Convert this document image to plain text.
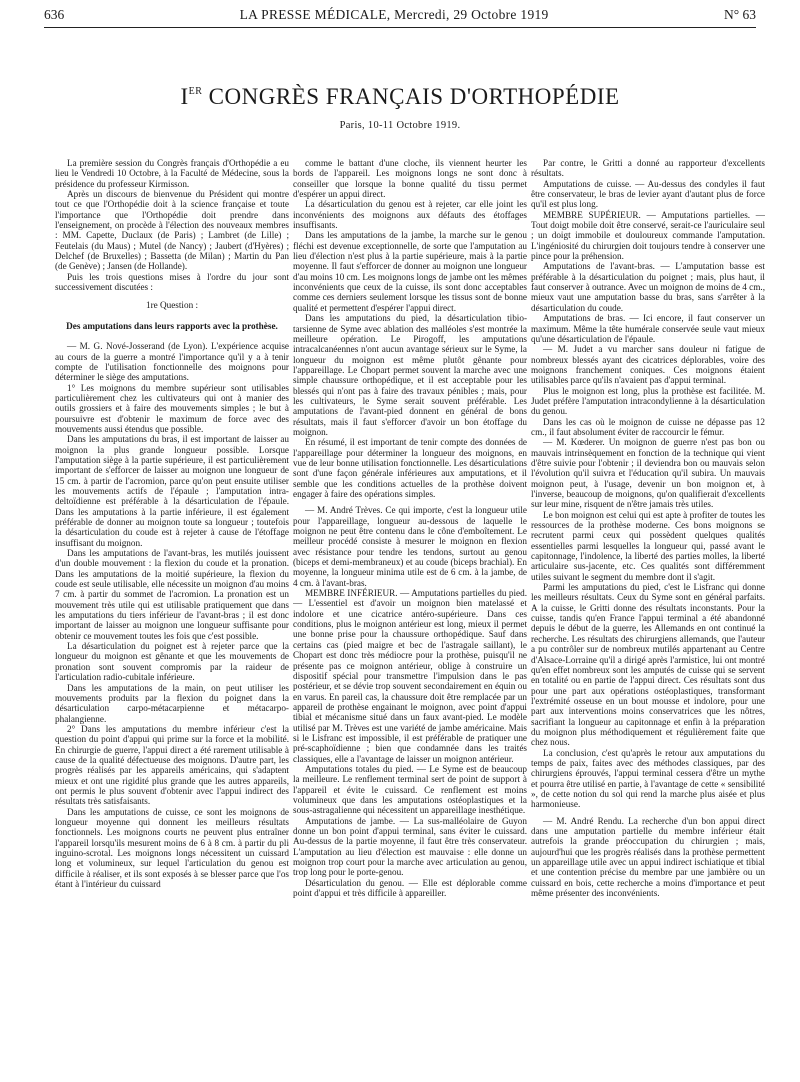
636	LA PRESSE MÉDICALE, Mercredi, 29 Octobre 1919	N° 63
IER CONGRÈS FRANÇAIS D'ORTHOPÉDIE
Paris, 10-11 Octobre 1919.

La première session du Congrès français d'Orthopédie a eu lieu le Vendredi 10 Octobre, à la Faculté de Médecine, sous la présidence du professeur Kirmisson.

Après un discours de bienvenue du Président qui montre tout ce que l'Orthopédie doit à la science française et toute l'importance que l'Orthopédie doit prendre dans l'enseignement, on procède à l'élection des nouveaux membres : MM. Capette, Duclaux (de Paris) ; Lambret (de Lille) ; Feutelais (du Maus) ; Mutel (de Nancy) ; Jaubert (d'Hyères) ; Delchef (de Bruxelles) ; Bassetta (de Milan) ; Martin du Pan (de Genève) ; Jansen (de Hollande).

Puis les trois questions mises à l'ordre du jour sont successivement discutées :

1re Question :

Des amputations dans leurs rapports avec la prothèse.

— M. G. Nové-Josserand (de Lyon). L'expérience acquise au cours de la guerre a montré l'importance qu'il y a à tenir compte de l'utilisation fonctionnelle des moignons pour déterminer le siège des amputations.

1° Les moignons du membre supérieur sont utilisables particulièrement chez les cultivateurs qui ont à manier des outils grossiers et à faire des mouvements simples ; le but à poursuivre est d'obtenir le maximum de force avec des mouvements aussi étendus que possible.

Dans les amputations du bras, il est important de laisser au moignon la plus grande longueur possible. Lorsque l'amputation siège à la partie supérieure, il est particulièrement important de s'efforcer de laisser au moignon une longueur de 15 cm. à partir de l'acromion, parce qu'on peut ensuite utiliser les mouvements actifs de l'épaule ; l'amputation intra-deltoïdienne est préférable à la désarticulation de l'épaule. Dans les amputations à la partie inférieure, il est également préférable de donner au moignon toute sa longueur ; toutefois la désarticulation du coude est à rejeter à cause de l'étoffage insuffisant du moignon.

Dans les amputations de l'avant-bras, les mutilés jouissent d'un double mouvement : la flexion du coude et la pronation. Dans les amputations de la moitié supérieure, la flexion du coude est seule utilisable, elle nécessite un moignon d'au moins 7 cm. à partir du sommet de l'acromion. La pronation est un mouvement très utile qui est utilisable pratiquement que dans les amputations du tiers inférieur de l'avant-bras ; il est donc important de laisser au moignon une longueur suffisante pour obtenir ce mouvement toutes les fois que c'est possible.

La désarticulation du poignet est à rejeter parce que la longueur du moignon est gênante et que les mouvements de pronation sont souvent compromis par la raideur de l'articulation radio-cubitale inférieure.

Dans les amputations de la main, on peut utiliser les mouvements produits par la flexion du poignet dans la désarticulation carpo-métacarpienne et métacarpo-phalangienne.

2° Dans les amputations du membre inférieur c'est la question du point d'appui qui prime sur la force et la mobilité. En chirurgie de guerre, l'appui direct a été rarement utilisable à cause de la qualité défectueuse des moignons. D'autre part, les progrès réalisés par les appareils américains, qui s'adaptent mieux et ont une rigidité plus grande que les autres appareils, ont permis le plus souvent d'obtenir avec l'appui indirect des résultats très satisfaisants.

Dans les amputations de cuisse, ce sont les moignons de longueur moyenne qui donnent les meilleurs résultats fonctionnels. Les moignons courts ne peuvent plus entraîner l'appareil lorsqu'ils mesurent moins de 6 à 8 cm. à partir du pli inguino-scrotal. Les moignons longs nécessitent un cuissard long et volumineux, sur lequel l'articulation du genou est difficile à réaliser, et ils sont exposés à se blesser parce que l'os étant à l'intérieur du cuissard

comme le battant d'une cloche, ils viennent heurter les bords de l'appareil. Les moignons longs ne sont donc à conseiller que lorsque la bonne qualité du tissu permet d'espérer un appui direct.

La désarticulation du genou est à rejeter, car elle joint les inconvénients des moignons aux défauts des étoffages insuffisants.

Dans les amputations de la jambe, la marche sur le genou fléchi est devenue exceptionnelle, de sorte que l'amputation au lieu d'élection n'est plus à la partie supérieure, mais à la partie moyenne. Il faut s'efforcer de donner au moignon une longueur d'au moins 10 cm. Les moignons longs de jambe ont les mêmes inconvénients que ceux de la cuisse, ils sont donc acceptables comme ces derniers seulement lorsque les tissus sont de bonne qualité et permettent d'espérer l'appui direct.

Dans les amputations du pied, la désarticulation tibio-tarsienne de Syme avec ablation des malléoles s'est montrée la meilleure opération. Le Pirogoff, les amputations intracalcanéennes n'ont aucun avantage sérieux sur le Syme, la longueur du moignon est même plutôt gênante pour l'appareillage. Le Chopart permet souvent la marche avec une simple chaussure orthopédique, et il est acceptable pour les blessés qui n'ont pas à faire des travaux pénibles ; mais, pour les cultivateurs, le Syme serait souvent préférable. Les amputations de l'avant-pied donnent en général de bons résultats, mais il faut s'efforcer d'avoir un bon étoffage du moignon.

En résumé, il est important de tenir compte des données de l'appareillage pour déterminer la longueur des moignons, en vue de leur bonne utilisation fonctionnelle. Les désarticulations sont d'une façon générale inférieures aux amputations, et il semble que les conditions actuelles de la prothèse doivent engager à faire des opérations simples.

— M. André Trèves. Ce qui importe, c'est la longueur utile pour l'appareillage, longueur au-dessous de laquelle le moignon ne peut être contenu dans le cône d'emboîtement. Le meilleur procédé consiste à mesurer le moignon en flexion avec résistance pour tendre les tendons, surtout au genou (biceps et demi-membraneux) et au coude (biceps brachial). En moyenne, la longueur minima utile est de 6 cm. à la jambe, de 4 cm. à l'avant-bras.

MEMBRE INFÉRIEUR. — Amputations partielles du pied. — L'essentiel est d'avoir un moignon bien matelassé et indolore et une cicatrice antéro-supérieure. Dans ces conditions, plus le moignon antérieur est long, mieux il permet une bonne prise pour la chaussure orthopédique. Sauf dans certains cas (pied maigre et bec de l'astragale saillant), le Chopart est donc très médiocre pour la prothèse, puisqu'il ne présente pas ce moignon antérieur, oblige à construire un dispositif spécial pour transmettre l'impulsion dans le pas postérieur, et se dévie trop souvent secondairement en équin ou en varus. En pareil cas, la chaussure doit être remplacée par un appareil de prothèse engainant le moignon, avec point d'appui tibial et mécanisme situé dans un faux avant-pied. Le modèle utilisé par M. Trèves est une variété de jambe américaine. Mais si le Lisfranc est impossible, il est préférable de pratiquer une pré-scaphoïdienne ; bien que condamnée dans les traités classiques, elle a l'avantage de laisser un moignon antérieur.

Amputations totales du pied. — Le Syme est de beaucoup la meilleure. Le renflement terminal sert de point de support à l'appareil et évite le cuissard. Ce renflement est moins volumineux que dans les amputations ostéoplastiques et la sous-astragalienne qui nécessitent un appareillage inesthétique.

Amputations de jambe. — La sus-malléolaire de Guyon donne un bon point d'appui terminal, sans éviter le cuissard. Au-dessus de la partie moyenne, il faut être très conservateur. L'amputation au lieu d'élection est mauvaise : elle donne un moignon trop court pour la marche avec articulation au genou, trop long pour le porte-genou.

Désarticulation du genou. — Elle est déplorable comme point d'appui et très difficile à appareiller.

Par contre, le Gritti a donné au rapporteur d'excellents résultats.

Amputations de cuisse. — Au-dessus des condyles il faut être conservateur, le bras de levier ayant d'autant plus de force qu'il est plus long.

MEMBRE SUPÉRIEUR. — Amputations partielles. — Tout doigt mobile doit être conservé, serait-ce l'auriculaire seul ; un doigt immobile et douloureux commande l'amputation. L'ingéniosité du chirurgien doit toujours tendre à conserver une pince pour la préhension.

Amputations de l'avant-bras. — L'amputation basse est préférable à la désarticulation du poignet ; mais, plus haut, il faut conserver à outrance. Avec un moignon de moins de 4 cm., mieux vaut une amputation basse du bras, sans s'arrêter à la désarticulation du coude.

Amputations de bras. — Ici encore, il faut conserver un maximum. Même la tête humérale conservée seule vaut mieux qu'une désarticulation de l'épaule.

— M. Judet a vu marcher sans douleur ni fatigue de nombreux blessés ayant des cicatrices déplorables, voire des moignons franchement coniques. Ces moignons étaient utilisables parce qu'ils n'avaient pas d'appui terminal.

Plus le moignon est long, plus la prothèse est facilitée. M. Judet préfère l'amputation intracondylienne à la désarticulation du genou.

Dans les cas où le moignon de cuisse ne dépasse pas 12 cm., il faut absolument éviter de raccourcir le fémur.

— M. Kœderer. Un moignon de guerre n'est pas bon ou mauvais intrinsèquement en fonction de la technique qui vient d'être suivie pour l'obtenir ; il deviendra bon ou mauvais selon l'évolution qu'il suivra et l'éducation qu'il subira. Un mauvais moignon peut, à l'usage, devenir un bon moignon et, à l'inverse, beaucoup de moignons, qu'on qualifierait d'excellents sur leur mine, risquent de n'être jamais très utiles.

Le bon moignon est celui qui est apte à profiter de toutes les ressources de la prothèse moderne. Ces bons moignons se recrutent parmi ceux qui possèdent quelques qualités essentielles parmi lesquelles la longueur qui, passé avant le capitonnage, l'indolence, la liberté des parties molles, la liberté articulaire sus-jacente, etc. Ces qualités sont différemment utiles suivant le segment du membre dont il s'agit.

Parmi les amputations du pied, c'est le Lisfranc qui donne les meilleurs résultats. Ceux du Syme sont en général parfaits. A la cuisse, le Gritti donne des résultats inconstants. Pour la cuisse, tandis qu'en France l'appui terminal a été abandonné depuis le début de la guerre, les Allemands en ont continué la recherche. Les résultats des chirurgiens allemands, que l'auteur a pu contrôler sur de nombreux mutilés appartenant au Centre d'Alsace-Lorraine qu'il a dirigé après l'armistice, lui ont montré qu'en effet nombreux sont les amputés de cuisse qui se servent en totalité ou en partie de l'appui direct. Ces résultats sont dus pour une part aux opérations ostéoplastiques, transformant l'extrémité osseuse en un bout mousse et indolore, pour une part aux interventions moins conservatrices que les nôtres, sacrifiant la longueur au capitonnage et enfin à la préparation du moignon plus méthodiquement et régulièrement faite que chez nous.

La conclusion, c'est qu'après le retour aux amputations du temps de paix, faites avec des méthodes classiques, par des chirurgiens éprouvés, l'appui terminal cessera d'être un mythe et pourra être utilisé en partie, à l'avantage de cette « sensibilité », de cette notion du sol qui rend la marche plus aisée et plus harmonieuse.

— M. André Rendu. La recherche d'un bon appui direct dans une amputation partielle du membre inférieur était autrefois la grande préoccupation du chirurgien ; mais, aujourd'hui que les progrès réalisés dans la prothèse permettent un appareillage utile avec un appui indirect ischiatique et tibial et une contention précise du membre par une jambière ou un cuissard en bois, cette recherche a moins d'importance et peut même présenter des inconvénients.
